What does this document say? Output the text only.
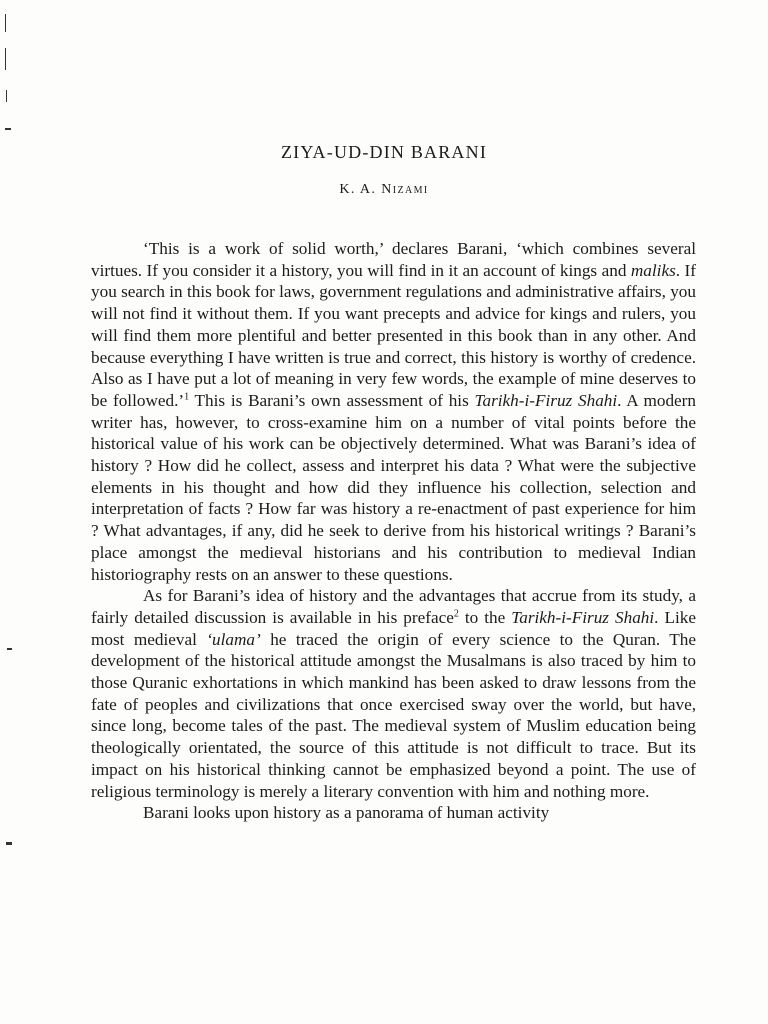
ZIYA-UD-DIN BARANI
K. A. Nizami

‘This is a work of solid worth,’ declares Barani, ‘which combines several virtues. If you consider it a history, you will find in it an account of kings and maliks. If you search in this book for laws, government regulations and administrative affairs, you will not find it without them. If you want precepts and advice for kings and rulers, you will find them more plentiful and better presented in this book than in any other. And because everything I have written is true and correct, this history is worthy of credence. Also as I have put a lot of meaning in very few words, the example of mine deserves to be followed.’$^1$ This is Barani’s own assessment of his Tarikh-i-Firuz Shahi. A modern writer has, however, to cross-examine him on a number of vital points before the historical value of his work can be objectively determined. What was Barani’s idea of history ? How did he collect, assess and interpret his data ? What were the subjective elements in his thought and how did they influence his collection, selection and interpretation of facts ? How far was history a re-enactment of past experience for him ? What advantages, if any, did he seek to derive from his historical writings ? Barani’s place amongst the medieval historians and his contribution to medieval Indian historiography rests on an answer to these questions.

As for Barani’s idea of history and the advantages that accrue from its study, a fairly detailed discussion is available in his preface$^2$ to the Tarikh-i-Firuz Shahi. Like most medieval ‘ulama’ he traced the origin of every science to the Quran. The development of the historical attitude amongst the Musalmans is also traced by him to those Quranic exhortations in which mankind has been asked to draw lessons from the fate of peoples and civilizations that once exercised sway over the world, but have, since long, become tales of the past. The medieval system of Muslim education being theologically orientated, the source of this attitude is not difficult to trace. But its impact on his historical thinking cannot be emphasized beyond a point. The use of religious terminology is merely a literary convention with him and nothing more.

Barani looks upon history as a panorama of human activity
